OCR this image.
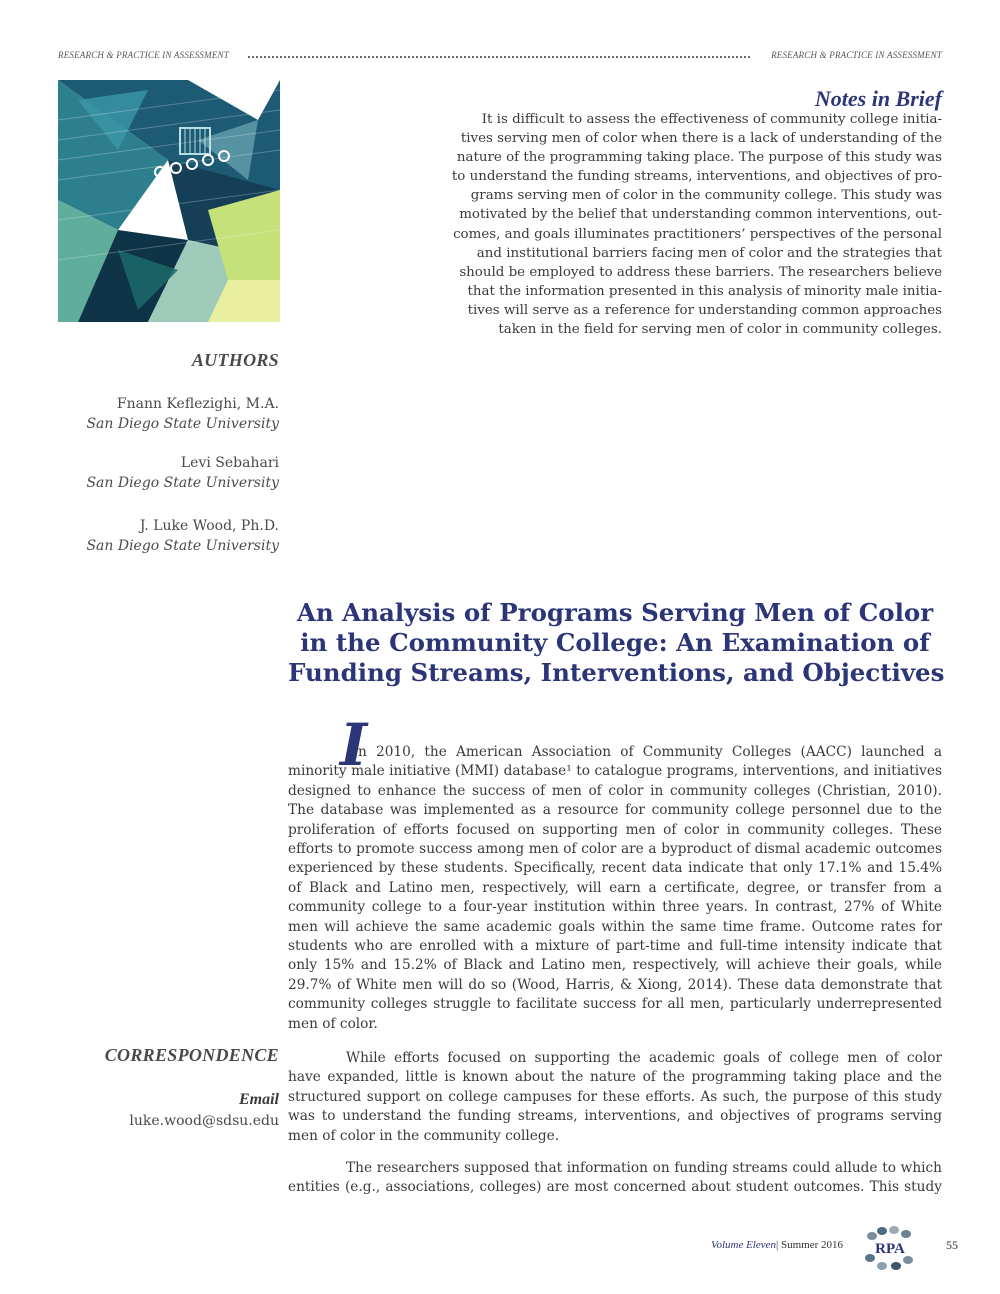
RESEARCH & PRACTICE IN ASSESSMENT	RESEARCH & PRACTICE IN ASSESSMENT
Notes in Brief
It is difficult to assess the effectiveness of community college initia-
tives serving men of color when there is a lack of understanding of the
nature of the programming taking place. The purpose of this study was
to understand the funding streams, interventions, and objectives of pro-
grams serving men of color in the community college. This study was
motivated by the belief that understanding common interventions, out-
comes, and goals illuminates practitioners’ perspectives of the personal
and institutional barriers facing men of color and the strategies that
should be employed to address these barriers. The researchers believe
that the information presented in this analysis of minority male initia-
tives will serve as a reference for understanding common approaches
taken in the field for serving men of color in community colleges.
AUTHORS
Fnann Keflezighi, M.A.
San Diego State University
Levi Sebahari
San Diego State University
J. Luke Wood, Ph.D.
San Diego State University
An Analysis of Programs Serving Men of Color
in the Community College: An Examination of
Funding Streams, Interventions, and Objectives
I
n 2010, the American Association of Community Colleges (AACC) launched a
minority male initiative (MMI) database¹ to catalogue programs, interventions, and initiatives
designed to enhance the success of men of color in community colleges (Christian, 2010).
The database was implemented as a resource for community college personnel due to the
proliferation of efforts focused on supporting men of color in community colleges. These
efforts to promote success among men of color are a byproduct of dismal academic outcomes
experienced by these students. Specifically, recent data indicate that only 17.1% and 15.4%
of Black and Latino men, respectively, will earn a certificate, degree, or transfer from a
community college to a four-year institution within three years. In contrast, 27% of White
men will achieve the same academic goals within the same time frame. Outcome rates for
students who are enrolled with a mixture of part-time and full-time intensity indicate that
only 15% and 15.2% of Black and Latino men, respectively, will achieve their goals, while
29.7% of White men will do so (Wood, Harris, & Xiong, 2014). These data demonstrate that
community colleges struggle to facilitate success for all men, particularly underrepresented
men of color.
While efforts focused on supporting the academic goals of college men of color
have expanded, little is known about the nature of the programming taking place and the
structured support on college campuses for these efforts. As such, the purpose of this study
was to understand the funding streams, interventions, and objectives of programs serving
men of color in the community college.
The researchers supposed that information on funding streams could allude to which
entities (e.g., associations, colleges) are most concerned about student outcomes. This study
CORRESPONDENCE
Email
luke.wood@sdsu.edu
Volume Eleven| Summer 2016 RPA	55
